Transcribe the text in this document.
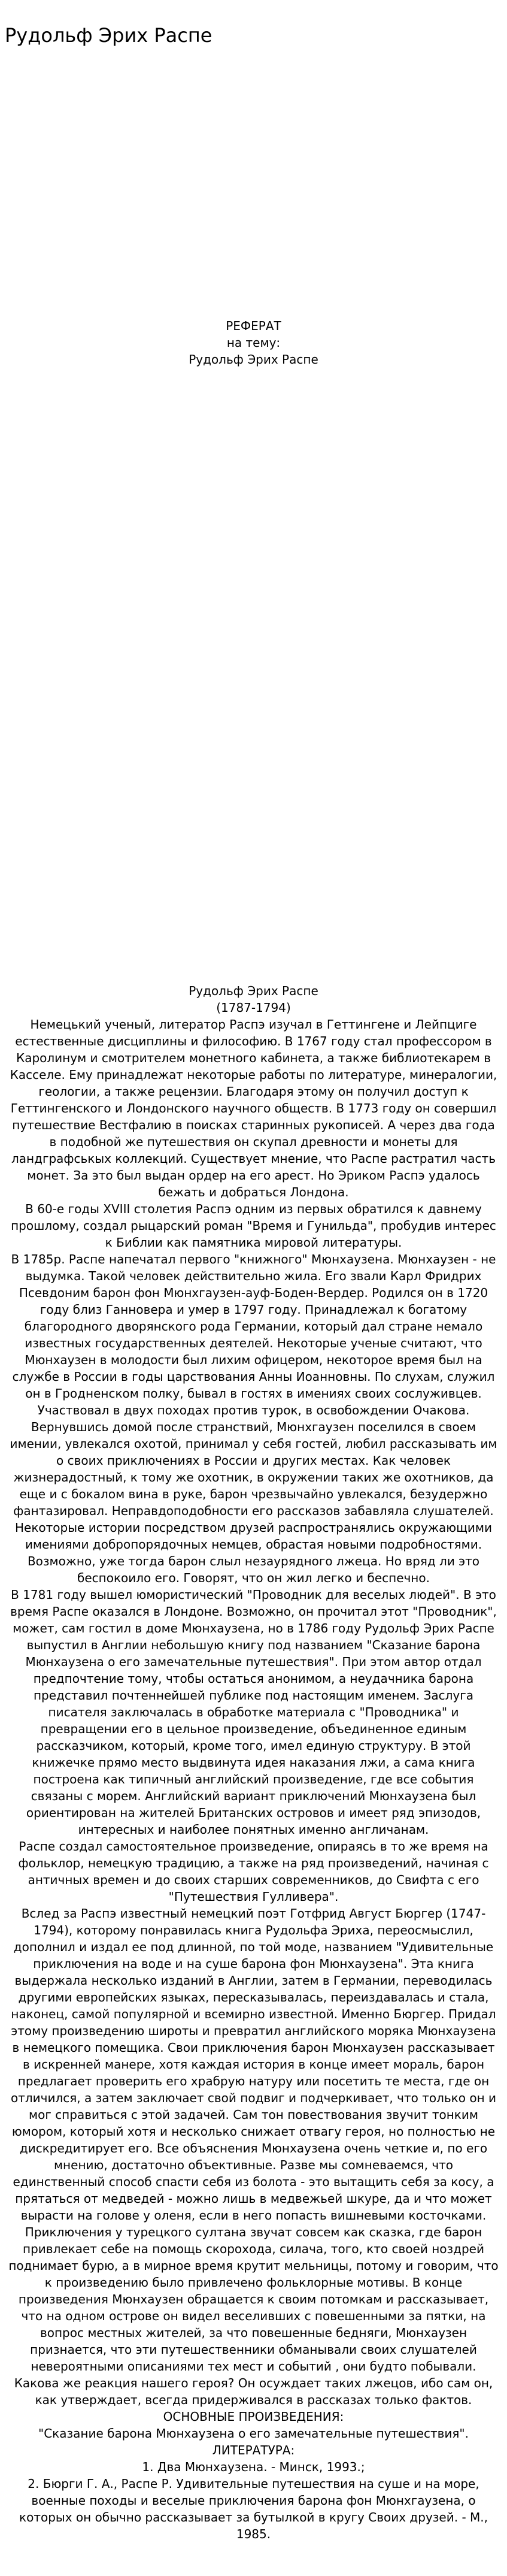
Рудольф Эрих Распе

РЕФЕРАТ

на тему:

Рудольф Эрих Распе

Рудольф Эрих Распе

(1787-1794)

Немецький ученый, литератор Распэ изучал в Геттингене и Лейпциге естественные дисциплины и философию. В 1767 году стал профессором в Каролинум и смотрителем монетного кабинета, а также библиотекарем в Касселе. Ему принадлежат некоторые работы по литературе, минералогии, геологии, а также рецензии. Благодаря этому он получил доступ к Геттингенского и Лондонского научного обществ. В 1773 году он совершил путешествие Вестфалию в поисках старинных рукописей. А через два года в подобной же путешествия он скупал древности и монеты для ландграфськых коллекций. Существует мнение, что Распе растратил часть монет. За это был выдан ордер на его арест. Но Эриком Распэ удалось бежать и добраться Лондона.

В 60-е годы XVIII столетия Распэ одним из первых обратился к давнему прошлому, создал рыцарский роман "Время и Гунильда", пробудив интерес к Библии как памятника мировой литературы.

В 1785р. Распе напечатал первого "книжного" Мюнхаузена. Мюнхаузен - не выдумка. Такой человек действительно жила. Его звали Карл Фридрих Псевдоним барон фон Мюнхгаузен-ауф-Боден-Вердер. Родился он в 1720 году близ Ганновера и умер в 1797 году. Принадлежал к богатому благородного дворянского рода Германии, который дал стране немало известных государственных деятелей. Некоторые ученые считают, что Мюнхаузен в молодости был лихим офицером, некоторое время был на службе в России в годы царствования Анны Иоанновны. По слухам, служил он в Гродненском полку, бывал в гостях в имениях своих сослуживцев. Участвовал в двух походах против турок, в освобождении Очакова.

Вернувшись домой после странствий, Мюнхгаузен поселился в своем имении, увлекался охотой, принимал у себя гостей, любил рассказывать им о своих приключениях в России и других местах. Как человек жизнерадостный, к тому же охотник, в окружении таких же охотников, да еще и с бокалом вина в руке, барон чрезвычайно увлекался, безудержно фантазировал. Неправдоподобности его рассказов забавляла слушателей. Некоторые истории посредством друзей распространялись окружающими имениями добропорядочных немцев, обрастая новыми подробностями. Возможно, уже тогда барон слыл незаурядного лжеца. Но вряд ли это беспокоило его. Говорят, что он жил легко и беспечно.

В 1781 году вышел юмористический "Проводник для веселых людей". В это время Распе оказался в Лондоне. Возможно, он прочитал этот "Проводник", может, сам гостил в доме Мюнхаузена, но в 1786 году Рудольф Эрих Распе выпустил в Англии небольшую книгу под названием "Сказание барона Мюнхаузена о его замечательные путешествия". При этом автор отдал предпочтение тому, чтобы остаться анонимом, а неудачника барона представил почтеннейшей публике под настоящим именем. Заслуга писателя заключалась в обработке материала с "Проводника" и превращении его в цельное произведение, объединенное единым рассказчиком, который, кроме того, имел единую структуру. В этой книжечке прямо место выдвинута идея наказания лжи, а сама книга построена как типичный английский произведение, где все события связаны с морем. Английский вариант приключений Мюнхаузена был ориентирован на жителей Британских островов и имеет ряд эпизодов, интересных и наиболее понятных именно англичанам.

Распе создал самостоятельное произведение, опираясь в то же время на фольклор, немецкую традицию, а также на ряд произведений, начиная с античных времен и до своих старших современников, до Свифта с его "Путешествия Гулливера".

Вслед за Распэ известный немецкий поэт Готфрид Август Бюргер (1747-1794), которому понравилась книга Рудольфа Эриха, переосмыслил, дополнил и издал ее под длинной, по той моде, названием "Удивительные приключения на воде и на суше барона фон Мюнхаузена". Эта книга выдержала несколько изданий в Англии, затем в Германии, переводилась другими европейских языках, пересказывалась, переиздавалась и стала, наконец, самой популярной и всемирно известной. Именно Бюргер. Придал этому произведению широты и превратил английского моряка Мюнхаузена в немецкого помещика. Свои приключения барон Мюнхаузен рассказывает в искренней манере, хотя каждая история в конце имеет мораль, барон предлагает проверить его храбрую натуру или посетить те места, где он отличился, а затем заключает свой подвиг и подчеркивает, что только он и мог справиться с этой задачей. Сам тон повествования звучит тонким юмором, который хотя и несколько снижает отвагу героя, но полностью не дискредитирует его. Все объяснения Мюнхаузена очень четкие и, по его мнению, достаточно объективные. Разве мы сомневаемся, что единственный способ спасти себя из болота - это вытащить себя за косу, а прятаться от медведей - можно лишь в медвежьей шкуре, да и что может вырасти на голове у оленя, если в него попасть вишневыми косточками.

Приключения у турецкого султана звучат совсем как сказка, где барон привлекает себе на помощь скорохода, силача, того, кто своей ноздрей поднимает бурю, а в мирное время крутит мельницы, потому и говорим, что к произведению было привлечено фольклорные мотивы. В конце произведения Мюнхаузен обращается к своим потомкам и рассказывает, что на одном острове он видел веселивших с повешенными за пятки, на вопрос местных жителей, за что повешенные бедняги, Мюнхаузен признается, что эти путешественники обманывали своих слушателей невероятными описаниями тех мест и событий , они будто побывали. Какова же реакция нашего героя? Он осуждает таких лжецов, ибо сам он, как утверждает, всегда придерживался в рассказах только фактов.

ОСНОВНЫЕ ПРОИЗВЕДЕНИЯ:

"Сказание барона Мюнхаузена о его замечательные путешествия".

ЛИТЕРАТУРА:

1. Два Мюнхаузена. - Минск, 1993.;

2. Бюрги Г. А., Распе Р. Удивительные путешествия на суше и на море, военные походы и веселые приключения барона фон Мюнхгаузена, о которых он обычно рассказывает за бутылкой в кругу Своих друзей. - М., 1985.
